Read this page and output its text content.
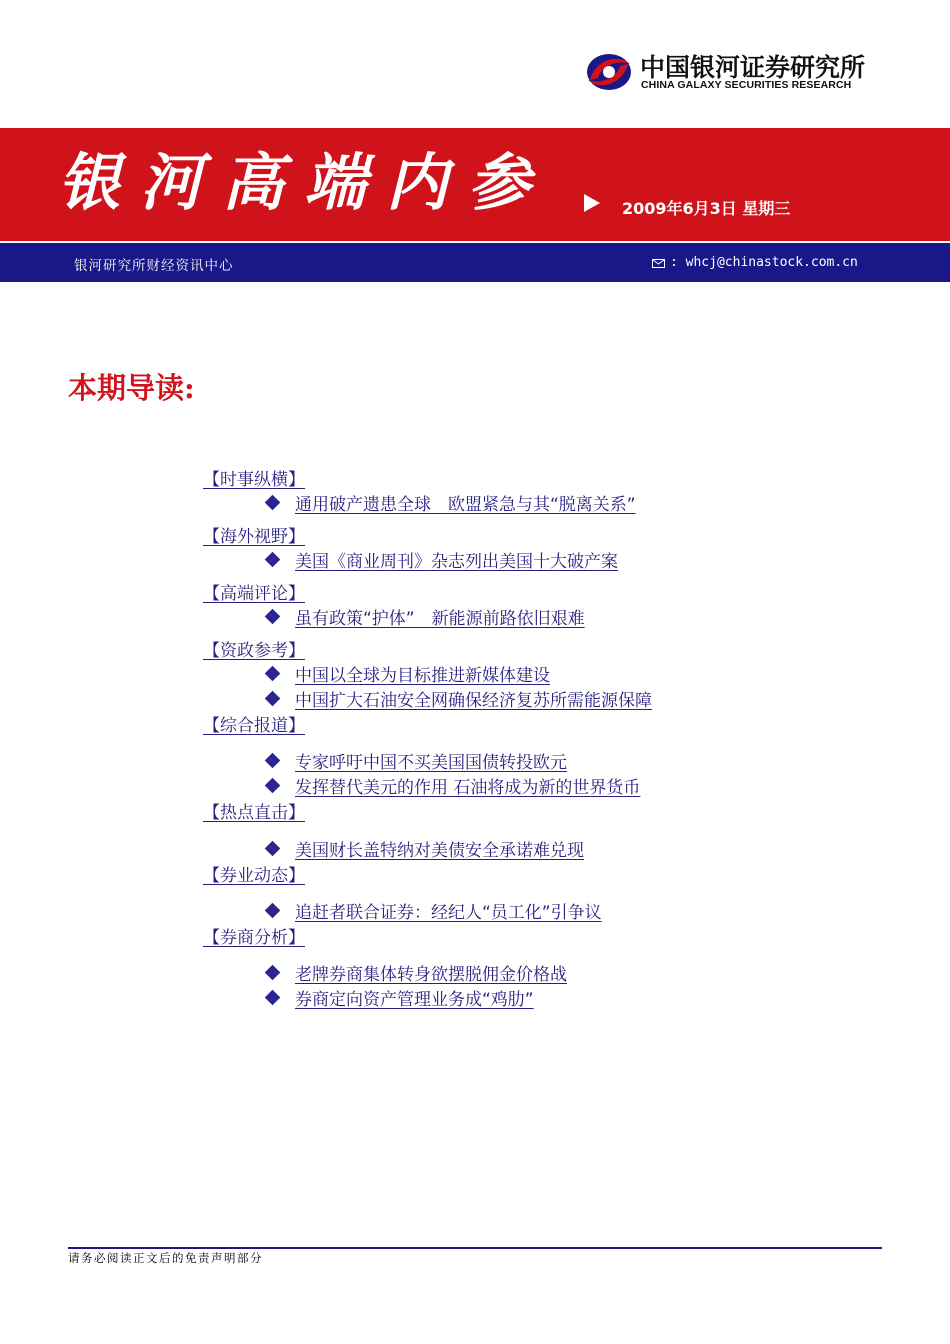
中国银河证券研究所
CHINA GALAXY SECURITIES RESEARCH
银河高端内参	2009年6月3日 星期三
银河研究所财经资讯中心	: whcj@chinastock.com.cn
本期导读:
【时事纵横】
通用破产遗患全球　欧盟紧急与其“脱离关系”
【海外视野】
美国《商业周刊》杂志列出美国十大破产案
【高端评论】
虽有政策“护体”　新能源前路依旧艰难
【资政参考】
中国以全球为目标推进新媒体建设
中国扩大石油安全网确保经济复苏所需能源保障
【综合报道】
专家呼吁中国不买美国国债转投欧元
发挥替代美元的作用 石油将成为新的世界货币
【热点直击】
美国财长盖特纳对美债安全承诺难兑现
【券业动态】
追赶者联合证券：经纪人“员工化”引争议
【券商分析】
老牌券商集体转身欲摆脱佣金价格战
券商定向资产管理业务成“鸡肋”
请务必阅读正文后的免责声明部分
